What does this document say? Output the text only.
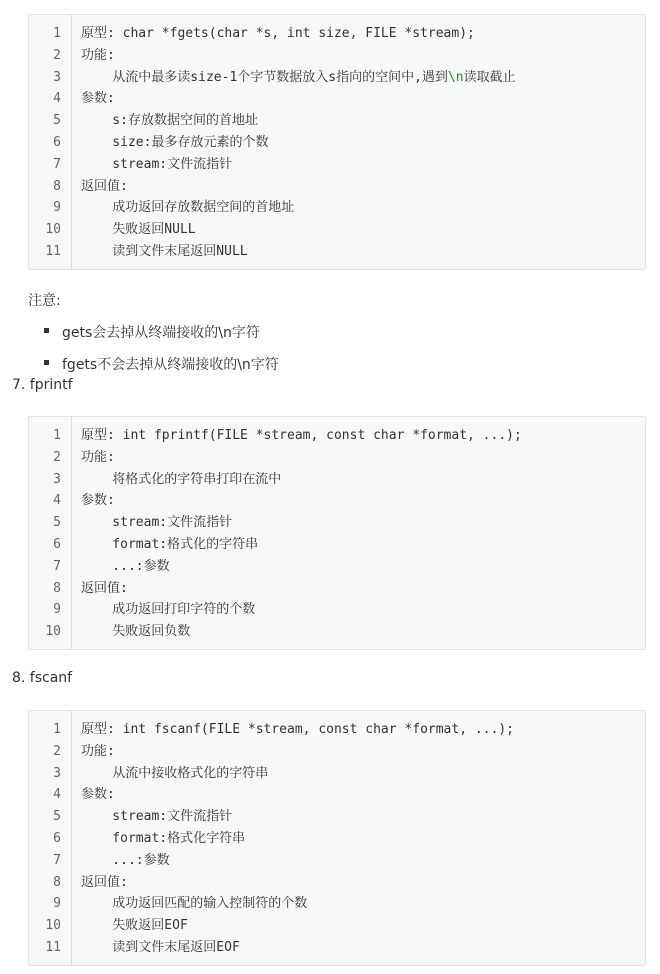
1 原型: char *fgets(char *s, int size, FILE *stream);
2 功能:
3 从流中最多读size-1个字节数据放入s指向的空间中,遇到\n读取截止
4 参数:
5 s:存放数据空间的首地址
6 size:最多存放元素的个数
7 stream:文件流指针
8 返回值:
9 成功返回存放数据空间的首地址
10 失败返回NULL
11 读到文件末尾返回NULL
注意:
gets会去掉从终端接收的\n字符
fgets不会去掉从终端接收的\n字符
7. fprintf
1 原型: int fprintf(FILE *stream, const char *format, ...);
2 功能:
3 将格式化的字符串打印在流中
4 参数:
5 stream:文件流指针
6 format:格式化的字符串
7 ...:参数
8 返回值:
9 成功返回打印字符的个数
10 失败返回负数
8. fscanf
1 原型: int fscanf(FILE *stream, const char *format, ...);
2 功能:
3 从流中接收格式化的字符串
4 参数:
5 stream:文件流指针
6 format:格式化字符串
7 ...:参数
8 返回值:
9 成功返回匹配的输入控制符的个数
10 失败返回EOF
11 读到文件末尾返回EOF
